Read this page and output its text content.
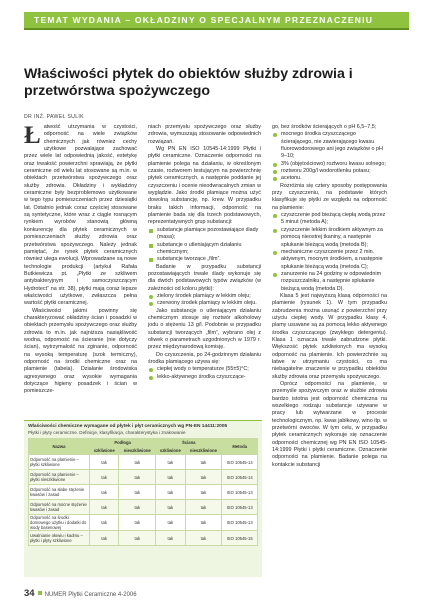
TEMAT WYDANIA – OKŁADZINY O SPECJALNYM PRZEZNACZENIU
Właściwości płytek do obiektów służby zdrowia i przetwórstwa spożywczego
DR INŻ. PAWEŁ SULIK
Ł atwość utrzymania w czystości, odporność na wiele związków chemicznych jak również cechy użytkowe pozwalające zachować przez wiele lat odpowiednią jakość, estetykę oraz trwałość powierzchni sprawiają, że płytki ceramiczne od wielu lat stosowane są m.in. w obiektach przetwórstwa spożywczego oraz służby zdrowia. Okładziny i wykładziny ceramiczne były bezproblemowo użytkowane w tego typu pomieszczeniach przez dziesiątki lat. Ostatnio jednak coraz częściej stosowane są syntetyczne, które wraz z ciągle rosnącym rynkiem wyrobów stanowią główną konkurencję dla płytek ceramicznych w pomieszczeniach służby zdrowia oraz przetwórstwa spożywczego. Należy jednak pamiętać, że rynek płytek ceramicznych również ulega ewolucji. Wprowadzane są nowe technologie produkcji (artykuł Rafała Butkiewicza pt. „Płytki ze szkliwem antybakteryjnym i samoczyszczącym Hydrotect” na str. 38), płytki mają coraz lepsze właściwości użytkowe, zwłaszcza pełna wartość płytki ceramicznej.

Właściwości jakimi powinny się charakteryzować okładziny ścian i posadzki w obiektach przemysłu spożywczego oraz służby zdrowia to m.in. jak najniższa nasiąkliwość wodna, odporność na ścieranie (nie dotyczy ścian), wytrzymałość na zginanie, odporność na wysoką temperaturę (szok termiczny), odporność na środki chemiczne oraz na plamienie (tabela). Działanie środowiska agresywnego oraz wysokie wymagania dotyczące higieny posadzek i ścian w pomieszcze-

niach przemysłu spożywczego oraz służby zdrowia, wymuszają stosowanie odpowiednich rozwiązań.

Wg PN EN ISO 10545-14:1999 Płytki i płytki ceramiczne. Oznaczenie odporności na plamienie polega na działaniu, w określonym czasie, roztworem testującym na powierzchnię płytek ceramicznych, a następnie poddanie jej czyszczeniu i ocenie nieodwracalnych zmian w wyglądzie. Jako środki plamiące można użyć dowolną substancję, np. krew. W przypadku braku takich informacji, odporność na plamienie bada się dla trzech podstawowych, reprezentatywnych grup substancji:

substancje plamiące pozostawiające ślady (masa);
substancje o utleniającym działaniu chemicznym;
substancje tworzące „film”.

Badanie w przypadku substancji pozostawiających trwale ślady wykonuje się dla dwóch podstawowych typów związków (w zależności od koloru płytki):

zielony środek plamiący w lekkim oleju;
czerwony środek plamiący w lekkim oleju.

Jako substancje o utleniającym działaniu chemicznym stosuje się roztwór alkoholowy jodu o stężeniu 13 g/l. Podobnie w przypadku substancji tworzących „film”, wybrano olej z oliwek o parametrach uzgodnionych w 1979 r. przez międzynarodową komisję.

Do czyszczenia, po 24-godzinnym działaniu środka plamiącego używa się:

ciepłej wody o temperaturze (55±5)°C;
lekko-aktywnego środka czyszczące-

go, bez środków ścierających o pH 6,5–7,5;

mocnego środka czyszczącego ścierającego, nie zawierającego kwasu fluorowodorowego ani jego związków o pH 9–10;
3% (objętościowo) roztworu kwasu solnego;
roztworu 200g/l wodorotlenku potasu;
acetonu.

Rozróżnia się cztery sposoby postępowania przy czyszczeniu, na podstawie których klasyfikuje się płytki ze względu na odporność na plamienie:

czyszczenie pod bieżącą ciepłą wodą przez 5 minut (metoda A);
czyszczenie lekkim środkiem aktywnym za pomocą nieostrej tkaniny, a następnie spłukanie bieżącą wodą (metoda B);
mechaniczne czyszczenie przez 2 min. aktywnym, mocnym środkiem, a następnie spłukanie bieżącą wodą (metoda C);
zanurzenie na 24 godziny w odpowiednim rozpuszczalniku, a następnie spłukanie bieżącą wodą (metoda D).

Klasa 5 jest najwyższą klasą odporności na plamienie (rysunek 1). W tym przypadku zabrudzenia można usunąć z powierzchni przy użyciu ciepłej wody. W przypadku klasy 4, plamy usuwane są za pomocą lekko aktywnego środka czyszczącego (zwykłego detergentu). Klasa 1 oznacza trwale zabrudzone płytki. Większość płytek szkliwionych ma wysoką odporność na plamienie. Ich powierzchnie są łatwe w utrzymaniu czystości, co ma niebagatelne znaczenie w przypadku obiektów służby zdrowia oraz przemysłu spożywczego.

Oprócz odporności na plamienie, w przemyśle spożywczym oraz w służbie zdrowia bardzo istotna jest odporność chemiczna na wszelkiego rodzaju substancje używane w pracy lub wytwarzane w procesie technologicznym, np. kwas jabłkowy, wino itp. w przetwórni owoców. W tym celu, w przypadku płytek ceramicznych wykonuje się oznaczenie odporności chemicznej wg PN EN ISO 10545-14:1999 Płytki i płytki ceramiczne. Oznaczenie odporności na plamienie. Badanie polega na kontakcie substancji

Właściwości chemiczne wymagane od płytek i płyt ceramicznych wg PN-EN 14411:2005
Płytki i płyty ceramiczne. Definicje, klasyfikacja, charakterystyka i znakowanie
Nazwa	Podłoga		Ściana		Metoda
	szkliwione	nieszkliwione	szkliwione	nieszkliwione	
Odporność na plamienie – płytki szkliwione	tak	tak	tak	tak	ISO 10545-14
Odporność na plamienie – płytki nieszkliwione	tak	tak	tak	tak	ISO 10545-14
Odporność na słabe stężenie kwasów i zasad	tak	tak	tak	tak	ISO 10545-13
Odporność na mocne stężenie kwasów i zasad	tak	tak	tak	tak	ISO 10545-13
Odporność na środki domowego użytku i dodatki do wody basenowej	tak	tak	tak	tak	ISO 10545-13
Uwalnianie ołowiu i kadmu – płytki i płyty szkliwione	tak	tak	tak	tak	ISO 10545-15
34 NUMER Płytki Ceramiczne 4-2006
